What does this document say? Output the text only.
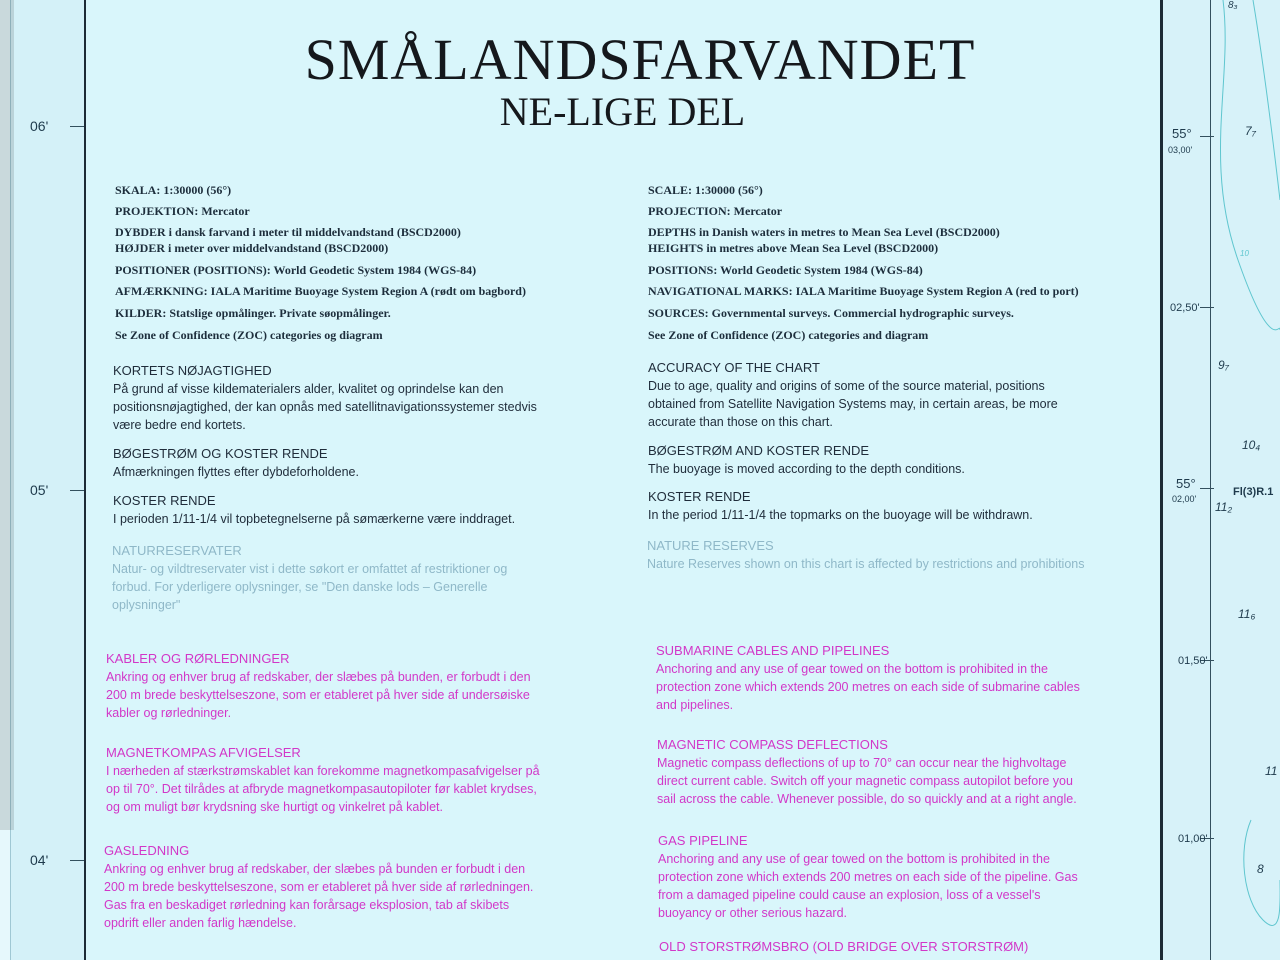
06'
05'
04'
SMÅLANDSFARVANDET
NE-LIGE DEL
SKALA: 1:30000 (56°)
PROJEKTION: Mercator
DYBDER i dansk farvand i meter til middelvandstand (BSCD2000)
HØJDER i meter over middelvandstand (BSCD2000)
POSITIONER (POSITIONS): World Geodetic System 1984 (WGS-84)
AFMÆRKNING: IALA Maritime Buoyage System Region A (rødt om bagbord)
KILDER: Statslige opmålinger. Private søopmålinger.
Se Zone of Confidence (ZOC) categories og diagram
SCALE: 1:30000 (56°)
PROJECTION: Mercator
DEPTHS in Danish waters in metres to Mean Sea Level (BSCD2000)
HEIGHTS in metres above Mean Sea Level (BSCD2000)
POSITIONS: World Geodetic System 1984 (WGS-84)
NAVIGATIONAL MARKS: IALA Maritime Buoyage System Region A (red to port)
SOURCES: Governmental surveys. Commercial hydrographic surveys.
See Zone of Confidence (ZOC) categories and diagram
KORTETS NØJAGTIGHED
På grund af visse kildematerialers alder, kvalitet og oprindelse kan den
positionsnøjagtighed, der kan opnås med satellitnavigationssystemer stedvis
være bedre end kortets.
BØGESTRØM OG KOSTER RENDE
Afmærkningen flyttes efter dybdeforholdene.
KOSTER RENDE
I perioden 1/11-1/4 vil topbetegnelserne på sømærkerne være inddraget.
NATURRESERVATER
Natur- og vildtreservater vist i dette søkort er omfattet af restriktioner og
forbud. For yderligere oplysninger, se "Den danske lods – Generelle
oplysninger"
KABLER OG RØRLEDNINGER
Ankring og enhver brug af redskaber, der slæbes på bunden, er forbudt i den
200 m brede beskyttelseszone, som er etableret på hver side af undersøiske
kabler og rørledninger.
MAGNETKOMPAS AFVIGELSER
I nærheden af stærkstrømskablet kan forekomme magnetkompasafvigelser på
op til 70°. Det tilrådes at afbryde magnetkompasautopiloter før kablet krydses,
og om muligt bør krydsning ske hurtigt og vinkelret på kablet.
GASLEDNING
Ankring og enhver brug af redskaber, der slæbes på bunden er forbudt i den
200 m brede beskyttelseszone, som er etableret på hver side af rørledningen.
Gas fra en beskadiget rørledning kan forårsage eksplosion, tab af skibets
opdrift eller anden farlig hændelse.
ACCURACY OF THE CHART
Due to age, quality and origins of some of the source material, positions
obtained from Satellite Navigation Systems may, in certain areas, be more
accurate than those on this chart.
BØGESTRØM AND KOSTER RENDE
The buoyage is moved according to the depth conditions.
KOSTER RENDE
In the period 1/11-1/4 the topmarks on the buoyage will be withdrawn.
NATURE RESERVES
Nature Reserves shown on this chart is affected by restrictions and prohibitions
SUBMARINE CABLES AND PIPELINES
Anchoring and any use of gear towed on the bottom is prohibited in the
protection zone which extends 200 metres on each side of submarine cables
and pipelines.
MAGNETIC COMPASS DEFLECTIONS
Magnetic compass deflections of up to 70° can occur near the highvoltage
direct current cable. Switch off your magnetic compass autopilot before you
sail across the cable. Whenever possible, do so quickly and at a right angle.
GAS PIPELINE
Anchoring and any use of gear towed on the bottom is prohibited in the
protection zone which extends 200 metres on each side of the pipeline. Gas
from a damaged pipeline could cause an explosion, loss of a vessel's
buoyancy or other serious hazard.
OLD STORSTRØMSBRO (OLD BRIDGE OVER STORSTRØM)
55°
03,00'
02,50'
55°
02,00'
01,50'
01,00'
Fl(3)R.1
8₃
7₇
10
9₇
10₄
11₂
11₆
11
8
